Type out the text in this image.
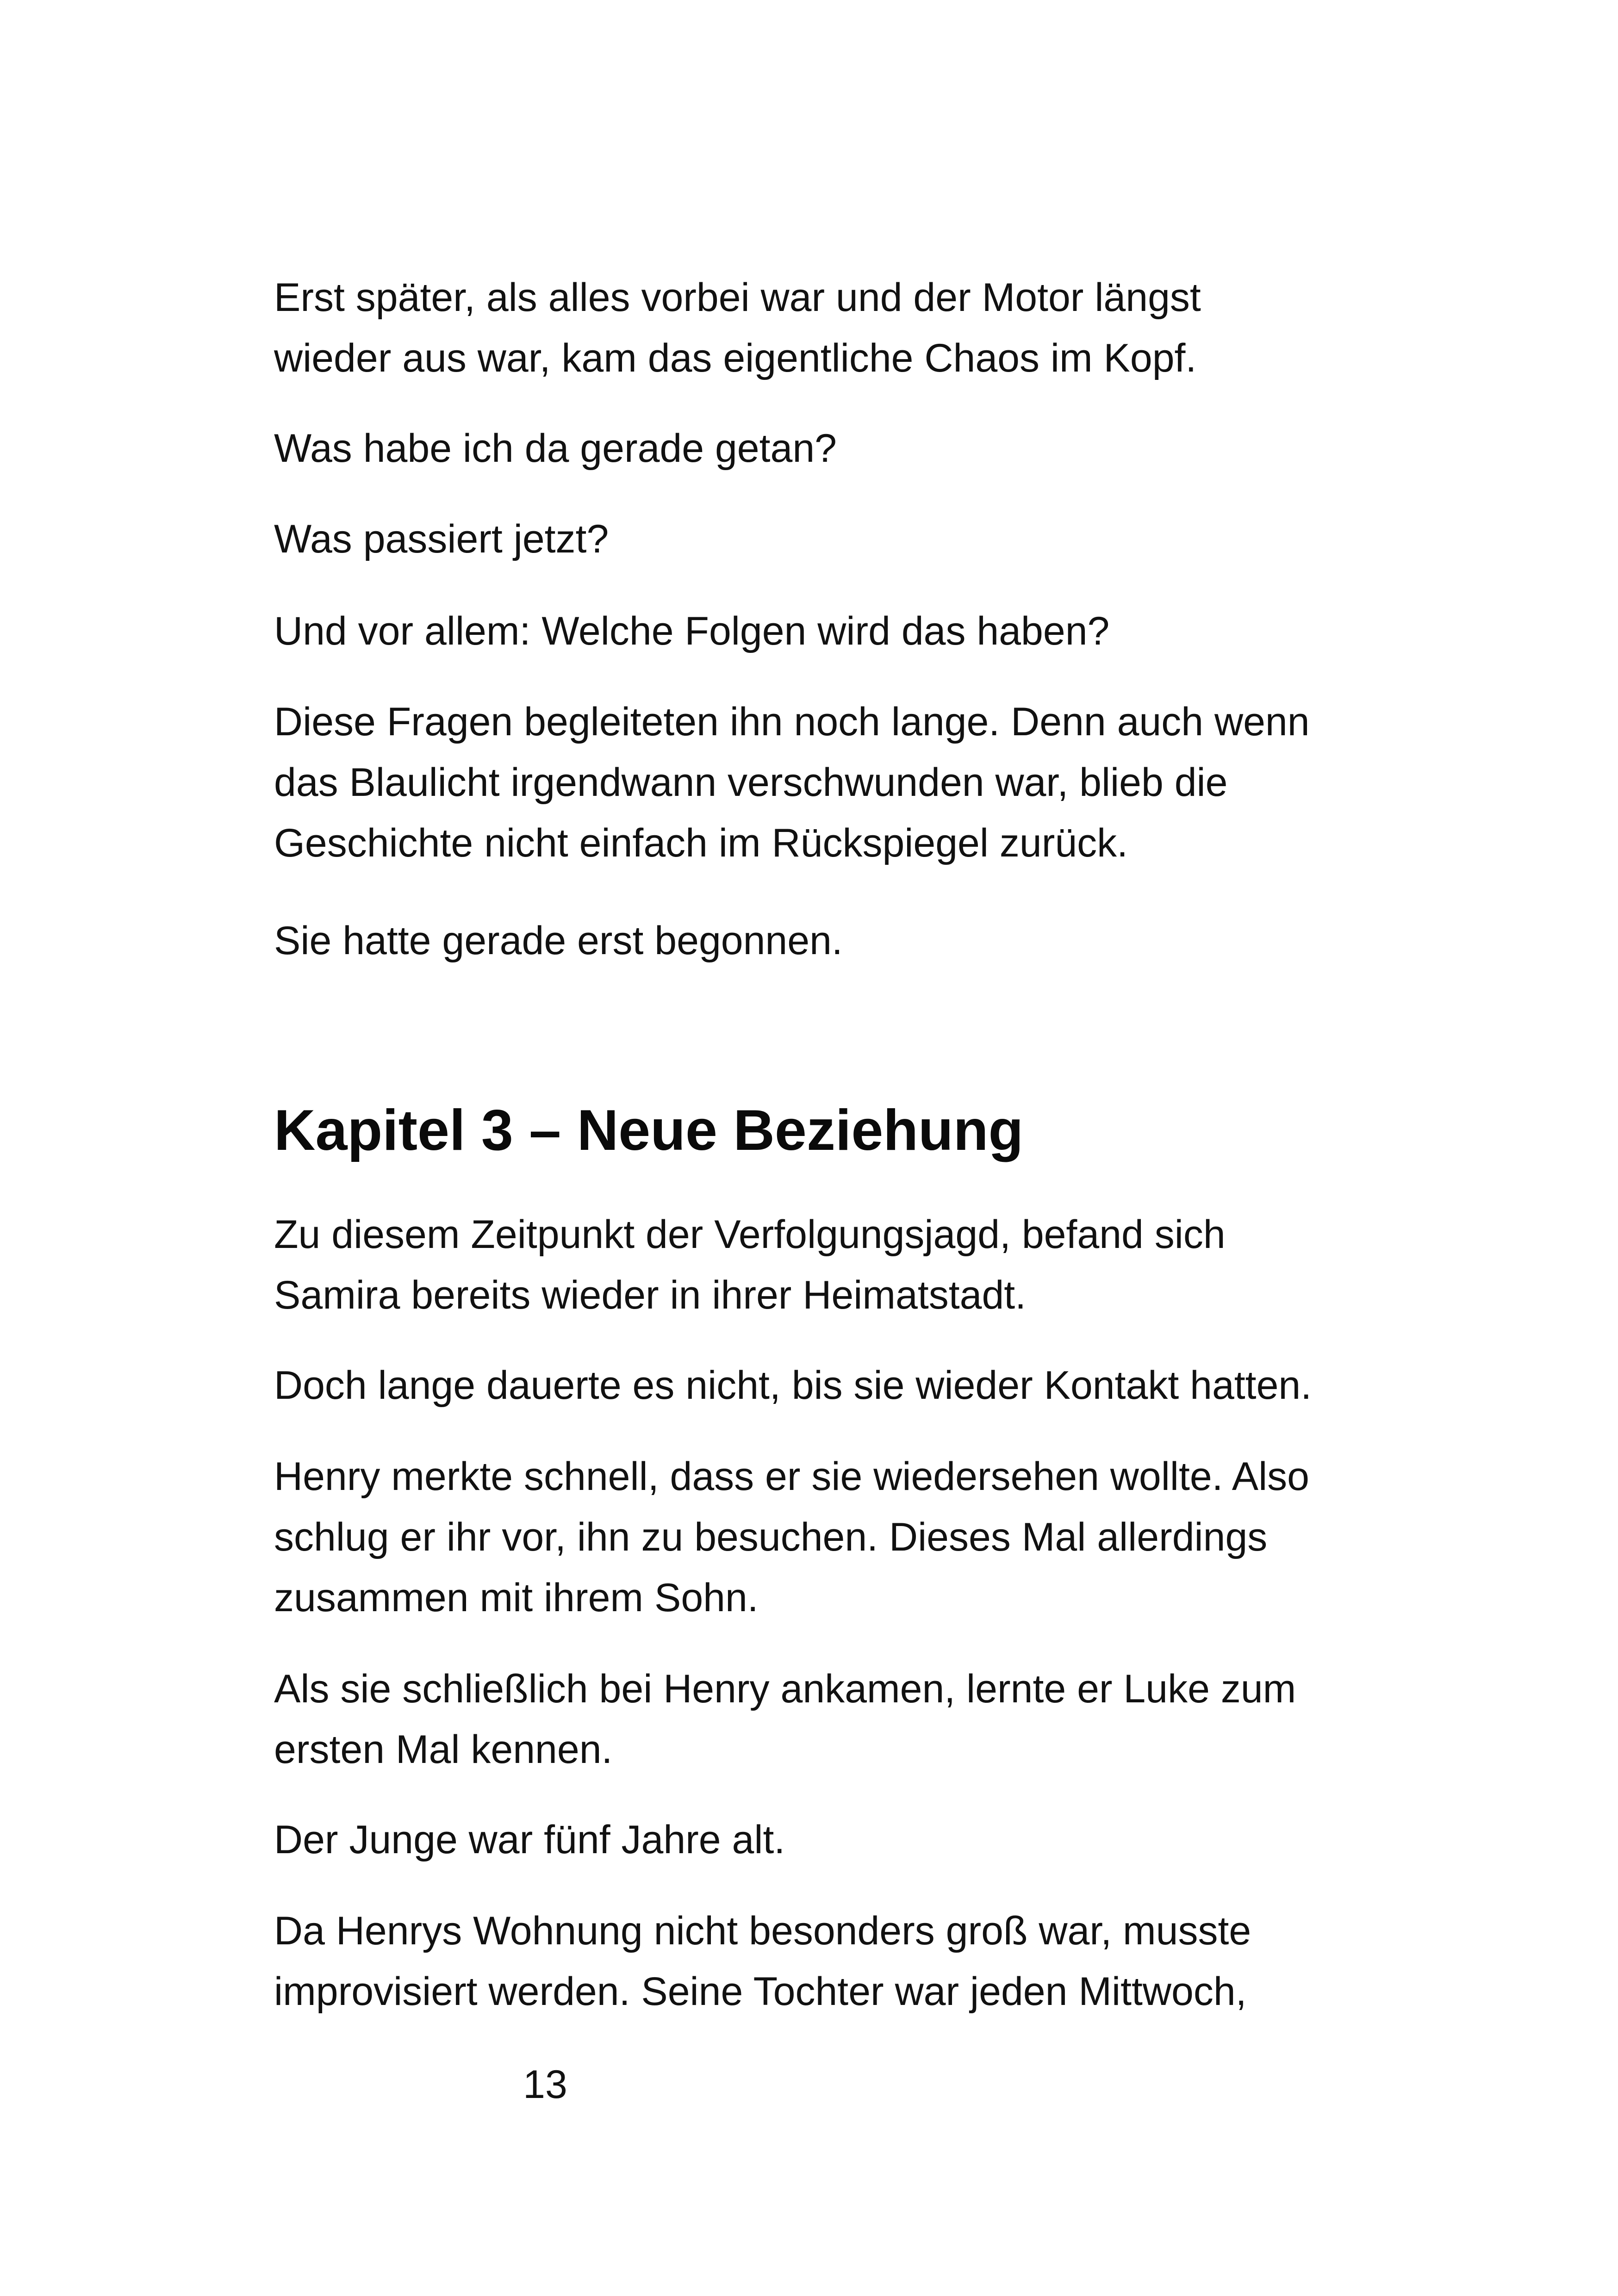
Erst später, als alles vorbei war und der Motor längst
wieder aus war, kam das eigentliche Chaos im Kopf.

Was habe ich da gerade getan?

Was passiert jetzt?

Und vor allem: Welche Folgen wird das haben?

Diese Fragen begleiteten ihn noch lange. Denn auch wenn
das Blaulicht irgendwann verschwunden war, blieb die
Geschichte nicht einfach im Rückspiegel zurück.

Sie hatte gerade erst begonnen.

Kapitel 3 – Neue Beziehung

Zu diesem Zeitpunkt der Verfolgungsjagd, befand sich
Samira bereits wieder in ihrer Heimatstadt.

Doch lange dauerte es nicht, bis sie wieder Kontakt hatten.

Henry merkte schnell, dass er sie wiedersehen wollte. Also
schlug er ihr vor, ihn zu besuchen. Dieses Mal allerdings
zusammen mit ihrem Sohn.

Als sie schließlich bei Henry ankamen, lernte er Luke zum
ersten Mal kennen.

Der Junge war fünf Jahre alt.

Da Henrys Wohnung nicht besonders groß war, musste
improvisiert werden. Seine Tochter war jeden Mittwoch,

13
